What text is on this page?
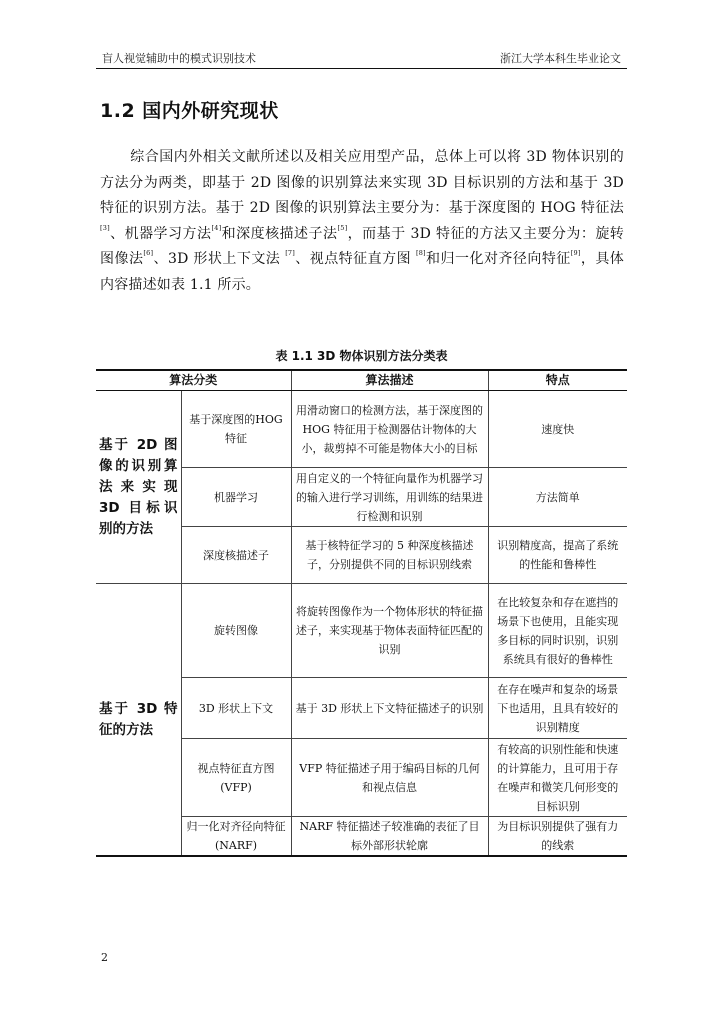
盲人视觉辅助中的模式识别技术	浙江大学本科生毕业论文
1.2 国内外研究现状
综合国内外相关文献所述以及相关应用型产品，总体上可以将 3D 物体识别的方法分为两类，即基于 2D 图像的识别算法来实现 3D 目标识别的方法和基于 3D 特征的识别方法。基于 2D 图像的识别算法主要分为：基于深度图的 HOG 特征法[3]、机器学习方法[4]和深度核描述子法[5]，而基于 3D 特征的方法又主要分为：旋转图像法[6]、3D 形状上下文法 [7]、视点特征直方图 [8]和归一化对齐径向特征[9]，具体内容描述如表 1.1 所示。
表 1.1 3D 物体识别方法分类表
算法分类		算法描述	特点
基于 2D 图像的识别算法来实现 3D 目标识别的方法	基于深度图的HOG特征	用滑动窗口的检测方法，基于深度图的 HOG 特征用于检测器估计物体的大小，裁剪掉不可能是物体大小的目标	速度快
	机器学习	用自定义的一个特征向量作为机器学习的输入进行学习训练，用训练的结果进行检测和识别	方法简单
	深度核描述子	基于核特征学习的 5 种深度核描述子，分别提供不同的目标识别线索	识别精度高，提高了系统的性能和鲁棒性
基于 3D 特征的方法	旋转图像	将旋转图像作为一个物体形状的特征描述子，来实现基于物体表面特征匹配的识别	在比较复杂和存在遮挡的场景下也使用，且能实现多目标的同时识别，识别系统具有很好的鲁棒性
	3D 形状上下文	基于 3D 形状上下文特征描述子的识别	在存在噪声和复杂的场景下也适用，且具有较好的识别精度
	视点特征直方图(VFP)	VFP 特征描述子用于编码目标的几何和视点信息	有较高的识别性能和快速的计算能力，且可用于存在噪声和微笑几何形变的目标识别
	归一化对齐径向特征(NARF)	NARF 特征描述子较准确的表征了目标外部形状轮廓	为目标识别提供了强有力的线索
2
